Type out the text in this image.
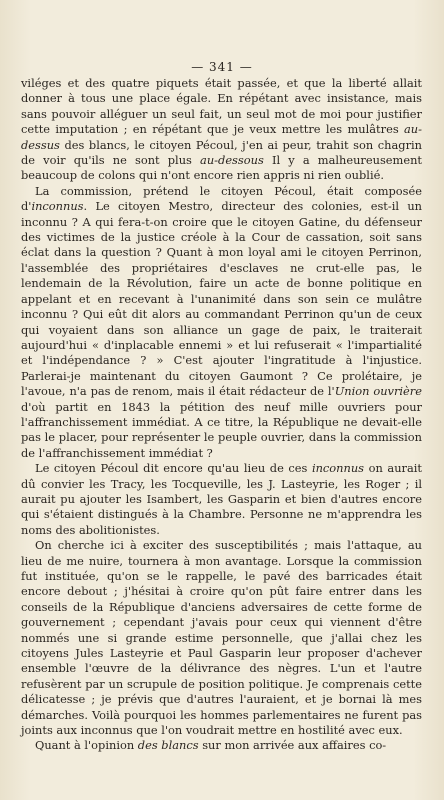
— 341 —

viléges et des quatre piquets était passée, et que la liberté allait donner à tous une place égale. En répétant avec insistance, mais sans pouvoir alléguer un seul fait, un seul mot de moi pour justifier cette imputation ; en répétant que je veux mettre les mulâtres au-dessus des blancs, le citoyen Pécoul, j'en ai peur, trahit son chagrin de voir qu'ils ne sont plus au-dessous Il y a malheureusement beaucoup de colons qui n'ont encore rien appris ni rien oublié.

La commission, prétend le citoyen Pécoul, était composée d'inconnus. Le citoyen Mestro, directeur des colonies, est-il un inconnu ? A qui fera-t-on croire que le citoyen Gatine, du défenseur des victimes de la justice créole à la Cour de cassation, soit sans éclat dans la question ? Quant à mon loyal ami le citoyen Perrinon, l'assemblée des propriétaires d'esclaves ne crut-elle pas, le lendemain de la Révolution, faire un acte de bonne politique en appelant et en recevant à l'unanimité dans son sein ce mulâtre inconnu ? Qui eût dit alors au commandant Perrinon qu'un de ceux qui voyaient dans son alliance un gage de paix, le traiterait aujourd'hui « d'inplacable ennemi » et lui refuserait « l'impartialité et l'indépendance ? » C'est ajouter l'ingratitude à l'injustice. Parlerai-je maintenant du citoyen Gaumont ? Ce prolétaire, je l'avoue, n'a pas de renom, mais il était rédacteur de l'Union ouvrière d'où partit en 1843 la pétition des neuf mille ouvriers pour l'affranchissement immédiat. A ce titre, la République ne devait-elle pas le placer, pour représenter le peuple ouvrier, dans la commission de l'affranchissement immédiat ?

Le citoyen Pécoul dit encore qu'au lieu de ces inconnus on aurait dû convier les Tracy, les Tocqueville, les J. Lasteyrie, les Roger ; il aurait pu ajouter les Isambert, les Gasparin et bien d'autres encore qui s'étaient distingués à la Chambre. Personne ne m'apprendra les noms des abolitionistes.

On cherche ici à exciter des susceptibilités ; mais l'attaque, au lieu de me nuire, tournera à mon avantage. Lorsque la commission fut instituée, qu'on se le rappelle, le pavé des barricades était encore debout ; j'hésitai à croire qu'on pût faire entrer dans les conseils de la République d'anciens adversaires de cette forme de gouvernement ; cependant j'avais pour ceux qui viennent d'être nommés une si grande estime personnelle, que j'allai chez les citoyens Jules Lasteyrie et Paul Gasparin leur proposer d'achever ensemble l'œuvre de la délivrance des nègres. L'un et l'autre refusèrent par un scrupule de position politique. Je comprenais cette délicatesse ; je prévis que d'autres l'auraient, et je bornai là mes démarches. Voilà pourquoi les hommes parlementaires ne furent pas joints aux inconnus que l'on voudrait mettre en hostilité avec eux.

Quant à l'opinion des blancs sur mon arrivée aux affaires co-
